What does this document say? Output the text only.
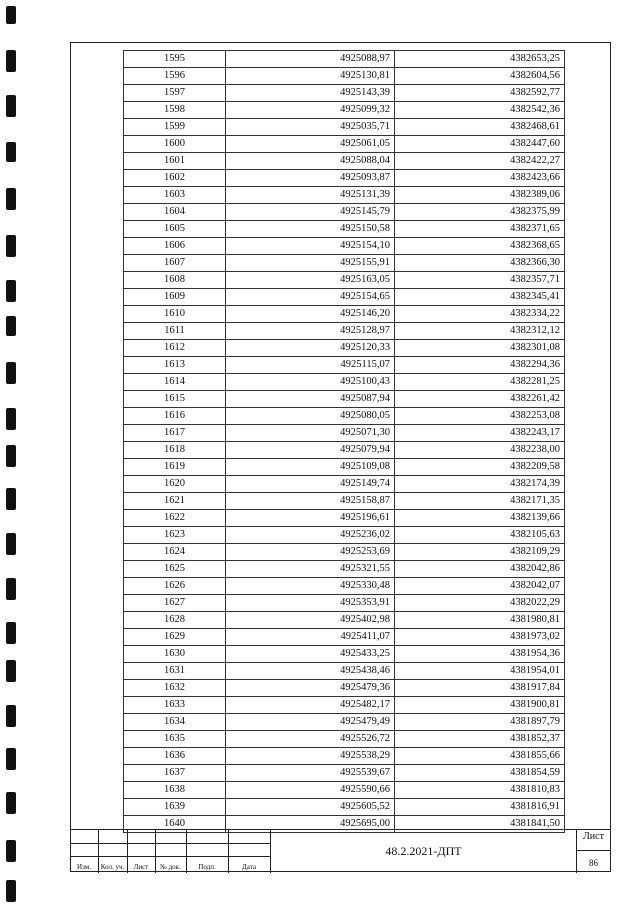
1595	4925088,97	4382653,25
1596	4925130,81	4382604,56
1597	4925143,39	4382592,77
1598	4925099,32	4382542,36
1599	4925035,71	4382468,61
1600	4925061,05	4382447,60
1601	4925088,04	4382422,27
1602	4925093,87	4382423,66
1603	4925131,39	4382389,06
1604	4925145,79	4382375,99
1605	4925150,58	4382371,65
1606	4925154,10	4382368,65
1607	4925155,91	4382366,30
1608	4925163,05	4382357,71
1609	4925154,65	4382345,41
1610	4925146,20	4382334,22
1611	4925128,97	4382312,12
1612	4925120,33	4382301,08
1613	4925115,07	4382294,36
1614	4925100,43	4382281,25
1615	4925087,94	4382261,42
1616	4925080,05	4382253,08
1617	4925071,30	4382243,17
1618	4925079,94	4382238,00
1619	4925109,08	4382209,58
1620	4925149,74	4382174,39
1621	4925158,87	4382171,35
1622	4925196,61	4382139,66
1623	4925236,02	4382105,63
1624	4925253,69	4382109,29
1625	4925321,55	4382042,86
1626	4925330,48	4382042,07
1627	4925353,91	4382022,29
1628	4925402,98	4381980,81
1629	4925411,07	4381973,02
1630	4925433,25	4381954,36
1631	4925438,46	4381954,01
1632	4925479,36	4381917,84
1633	4925482,17	4381900,81
1634	4925479,49	4381897,79
1635	4925526,72	4381852,37
1636	4925538,29	4381855,66
1637	4925539,67	4381854,59
1638	4925590,66	4381810,83
1639	4925605,52	4381816,91
1640	4925695,00	4381841,50
Изм.	Кол. уч.	Лист	№ док.	Подп.	Дата
48.2.2021-ДПТ
Лист
86
